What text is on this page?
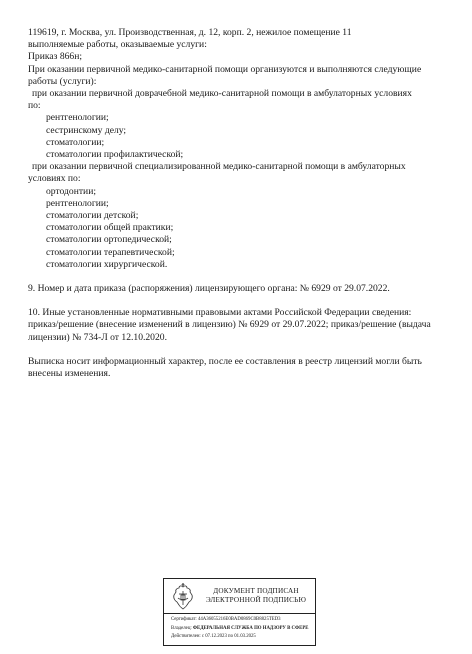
119619, г. Москва, ул. Производственная, д. 12, корп. 2, нежилое помещение 11
выполняемые работы, оказываемые услуги:
Приказ 866н;
При оказании первичной медико-санитарной помощи организуются и выполняются следующие
работы (услуги):
при оказании первичной доврачебной медико-санитарной помощи в амбулаторных условиях
по:
рентгенологии;
сестринскому делу;
стоматологии;
стоматологии профилактической;
при оказании первичной специализированной медико-санитарной помощи в амбулаторных
условиях по:
ортодонтии;
рентгенологии;
стоматологии детской;
стоматологии общей практики;
стоматологии ортопедической;
стоматологии терапевтической;
стоматологии хирургической.
9. Номер и дата приказа (распоряжения) лицензирующего органа: № 6929 от 29.07.2022.
10. Иные установленные нормативными правовыми актами Российской Федерации сведения:
приказ/решение (внесение изменений в лицензию) № 6929 от 29.07.2022; приказ/решение (выдача
лицензии) № 734-Л от 12.10.2020.
Выписка носит информационный характер, после ее составления в реестр лицензий могли быть
внесены изменения.
ДОКУМЕНТ ПОДПИСАН
ЭЛЕКТРОННОЙ ПОДПИСЬЮ
Сертификат: 44A36055216E0BAD0869C0B8825TED3
Владелец: ФЕДЕРАЛЬНАЯ СЛУЖБА ПО НАДЗОРУ В СФЕРЕ
Действителен: с 07.12.2023 по 01.03.2025
